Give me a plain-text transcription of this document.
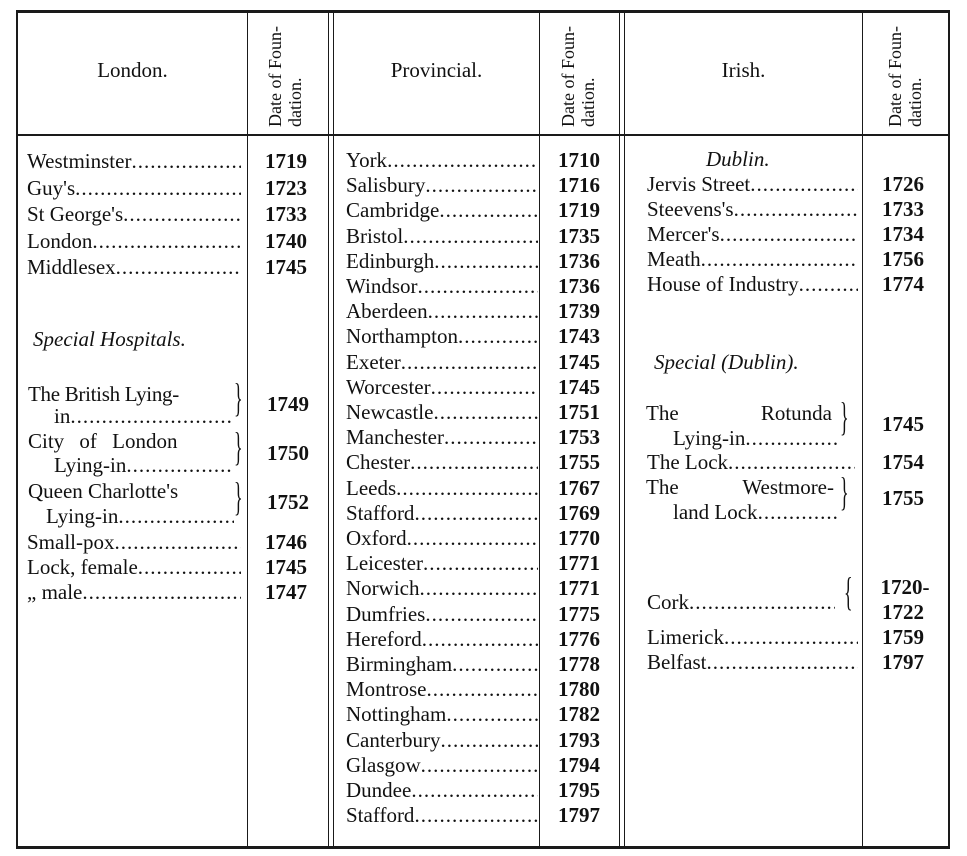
London.	Date of Foun- dation.
Provincial.	Date of Foun- dation.
Irish.	Date of Foun- dation.
Westminster .....	1719
Guy's .....	1723
St George's .....	1733
London .....	1740
Middlesex .....	1745
Special Hospitals.
The British Lying-
in .....	} 1749
City of London
Lying-in .....	} 1750
Queen Charlotte's
Lying-in .....	} 1752
Small-pox .....	1746
Lock, female .....	1745
„ male .....	1747
York .....	1710
Salisbury .....	1716
Cambridge .....	1719
Bristol .....	1735
Edinburgh .....	1736
Windsor .....	1736
Aberdeen .....	1739
Northampton .....	1743
Exeter .....	1745
Worcester .....	1745
Newcastle .....	1751
Manchester .....	1753
Chester .....	1755
Leeds .....	1767
Stafford .....	1769
Oxford .....	1770
Leicester .....	1771
Norwich .....	1771
Dumfries .....	1775
Hereford .....	1776
Birmingham .....	1778
Montrose .....	1780
Nottingham .....	1782
Canterbury .....	1793
Glasgow .....	1794
Dundee .....	1795
Stafford .....	1797
Dublin.
Jervis Street .....	1726
Steevens's .....	1733
Mercer's .....	1734
Meath .....	1756
House of Industry .....	1774
Special (Dublin).
The	Rotunda
Lying-in ..... } 1745
The Lock .....	1754
The	Westmore-
land Lock ..... } 1755
Cork .....	{ 1720-
1722
Limerick .....	1759
Belfast .....	1797
